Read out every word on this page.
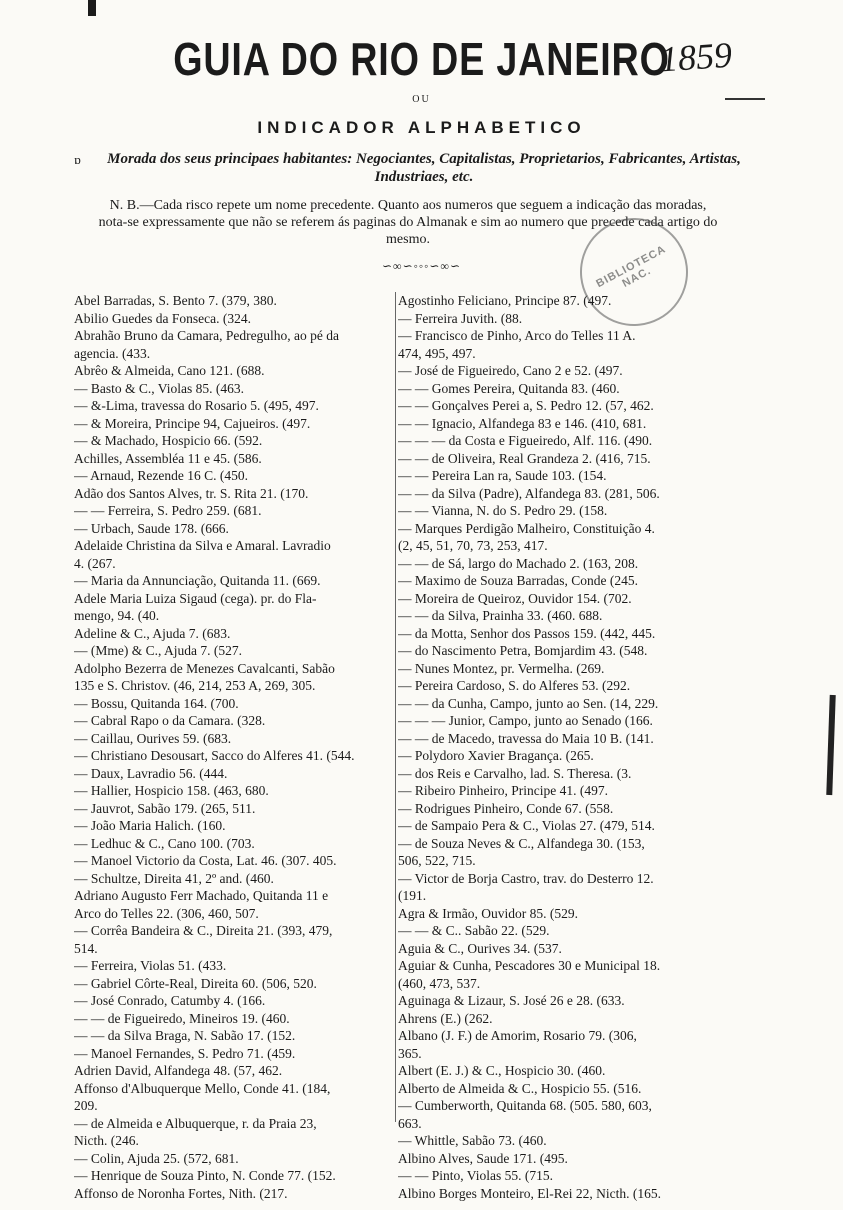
GUIA DO RIO DE JANEIRO
1859
OU
INDICADOR ALPHABETICO
ɒ	Morada dos seus principaes habitantes: Negociantes, Capitalistas, Proprietarios, Fabricantes, Artistas, Industriaes, etc.
N. B.—Cada risco repete um nome precedente. Quanto aos numeros que seguem a indicação das moradas, nota-se expressamente que não se referem ás paginas do Almanak e sim ao numero que precede cada artigo do mesmo.
∽∞∽◦◦◦∽∞∽	BIBLIOTECA NAC.
Abel Barradas, S. Bento 7. (379, 380.
Abilio Guedes da Fonseca. (324.
Abrahão Bruno da Camara, Pedregulho, ao pé da
agencia. (433.
Abrêo & Almeida, Cano 121. (688.
— Basto & C., Violas 85. (463.
— &-Lima, travessa do Rosario 5. (495, 497.
— & Moreira, Principe 94, Cajueiros. (497.
— & Machado, Hospicio 66. (592.
Achilles, Assembléa 11 e 45. (586.
— Arnaud, Rezende 16 C. (450.
Adão dos Santos Alves, tr. S. Rita 21. (170.
— — Ferreira, S. Pedro 259. (681.
— Urbach, Saude 178. (666.
Adelaide Christina da Silva e Amaral. Lavradio
4. (267.
— Maria da Annunciação, Quitanda 11. (669.
Adele Maria Luiza Sigaud (cega). pr. do Fla-
mengo, 94. (40.
Adeline & C., Ajuda 7. (683.
— (Mme) & C., Ajuda 7. (527.
Adolpho Bezerra de Menezes Cavalcanti, Sabão
135 e S. Christov. (46, 214, 253 A, 269, 305.
— Bossu, Quitanda 164. (700.
— Cabral Rapo o da Camara. (328.
— Caillau, Ourives 59. (683.
— Christiano Desousart, Sacco do Alferes 41. (544.
— Daux, Lavradio 56. (444.
— Hallier, Hospicio 158. (463, 680.
— Jauvrot, Sabão 179. (265, 511.
— João Maria Halich. (160.
— Ledhuc & C., Cano 100. (703.
— Manoel Victorio da Costa, Lat. 46. (307. 405.
— Schultze, Direita 41, 2º and. (460.
Adriano Augusto Ferr Machado, Quitanda 11 e
Arco do Telles 22. (306, 460, 507.
— Corrêa Bandeira & C., Direita 21. (393, 479,
514.
— Ferreira, Violas 51. (433.
— Gabriel Côrte-Real, Direita 60. (506, 520.
— José Conrado, Catumby 4. (166.
— — de Figueiredo, Mineiros 19. (460.
— — da Silva Braga, N. Sabão 17. (152.
— Manoel Fernandes, S. Pedro 71. (459.
Adrien David, Alfandega 48. (57, 462.
Affonso d'Albuquerque Mello, Conde 41. (184,
209.
— de Almeida e Albuquerque, r. da Praia 23,
Nicth. (246.
— Colin, Ajuda 25. (572, 681.
— Henrique de Souza Pinto, N. Conde 77. (152.
Affonso de Noronha Fortes, Nith. (217.
Agostinho Feliciano, Principe 87. (497.
— Ferreira Juvith. (88.
— Francisco de Pinho, Arco do Telles 11 A.
474, 495, 497.
— José de Figueiredo, Cano 2 e 52. (497.
— — Gomes Pereira, Quitanda 83. (460.
— — Gonçalves Perei a, S. Pedro 12. (57, 462.
— — Ignacio, Alfandega 83 e 146. (410, 681.
— — — da Costa e Figueiredo, Alf. 116. (490.
— — de Oliveira, Real Grandeza 2. (416, 715.
— — Pereira Lan ra, Saude 103. (154.
— — da Silva (Padre), Alfandega 83. (281, 506.
— — Vianna, N. do S. Pedro 29. (158.
— Marques Perdigão Malheiro, Constituição 4.
(2, 45, 51, 70, 73, 253, 417.
— — de Sá, largo do Machado 2. (163, 208.
— Maximo de Souza Barradas, Conde (245.
— Moreira de Queiroz, Ouvidor 154. (702.
— — da Silva, Prainha 33. (460. 688.
— da Motta, Senhor dos Passos 159. (442, 445.
— do Nascimento Petra, Bomjardim 43. (548.
— Nunes Montez, pr. Vermelha. (269.
— Pereira Cardoso, S. do Alferes 53. (292.
— — da Cunha, Campo, junto ao Sen. (14, 229.
— — — Junior, Campo, junto ao Senado (166.
— — de Macedo, travessa do Maia 10 B. (141.
— Polydoro Xavier Bragança. (265.
— dos Reis e Carvalho, lad. S. Theresa. (3.
— Ribeiro Pinheiro, Principe 41. (497.
— Rodrigues Pinheiro, Conde 67. (558.
— de Sampaio Pera & C., Violas 27. (479, 514.
— de Souza Neves & C., Alfandega 30. (153,
506, 522, 715.
— Victor de Borja Castro, trav. do Desterro 12.
(191.
Agra & Irmão, Ouvidor 85. (529.
— — & C.. Sabão 22. (529.
Aguia & C., Ourives 34. (537.
Aguiar & Cunha, Pescadores 30 e Municipal 18.
(460, 473, 537.
Aguinaga & Lizaur, S. José 26 e 28. (633.
Ahrens (E.) (262.
Albano (J. F.) de Amorim, Rosario 79. (306,
365.
Albert (E. J.) & C., Hospicio 30. (460.
Alberto de Almeida & C., Hospicio 55. (516.
— Cumberworth, Quitanda 68. (505. 580, 603,
663.
— Whittle, Sabão 73. (460.
Albino Alves, Saude 171. (495.
— — Pinto, Violas 55. (715.
Albino Borges Monteiro, El-Rei 22, Nicth. (165.
